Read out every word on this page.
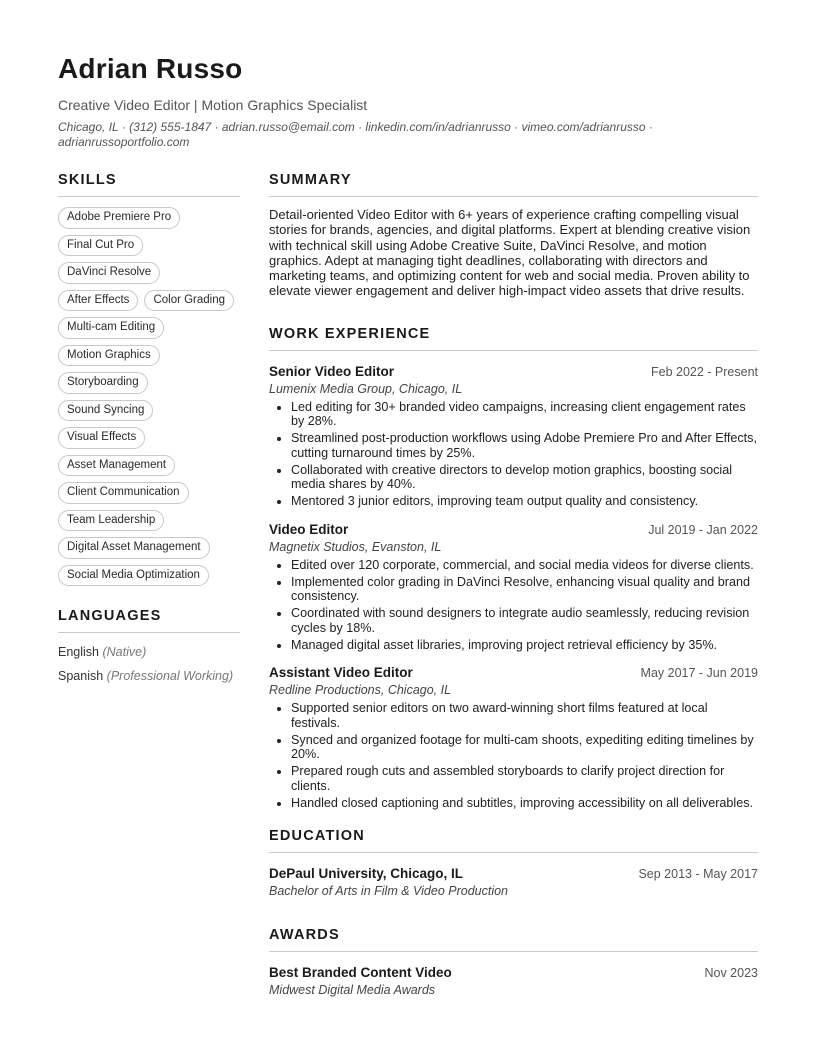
Adrian Russo
Creative Video Editor | Motion Graphics Specialist
Chicago, IL · (312) 555-1847 · adrian.russo@email.com · linkedin.com/in/adrianrusso · vimeo.com/adrianrusso ·
adrianrussoportfolio.com
SKILLS
Adobe Premiere Pro
Final Cut Pro
DaVinci Resolve
After Effects	Color Grading
Multi-cam Editing
Motion Graphics
Storyboarding
Sound Syncing
Visual Effects
Asset Management
Client Communication
Team Leadership
Digital Asset Management
Social Media Optimization
LANGUAGES
English (Native)
Spanish (Professional Working)
SUMMARY
Detail-oriented Video Editor with 6+ years of experience crafting compelling visual stories for brands, agencies, and digital platforms. Expert at blending creative vision with technical skill using Adobe Creative Suite, DaVinci Resolve, and motion graphics. Adept at managing tight deadlines, collaborating with directors and marketing teams, and optimizing content for web and social media. Proven ability to elevate viewer engagement and deliver high-impact video assets that drive results.
WORK EXPERIENCE
Senior Video Editor	Feb 2022 - Present
Lumenix Media Group, Chicago, IL
• Led editing for 30+ branded video campaigns, increasing client engagement rates by 28%.
• Streamlined post-production workflows using Adobe Premiere Pro and After Effects, cutting turnaround times by 25%.
• Collaborated with creative directors to develop motion graphics, boosting social media shares by 40%.
• Mentored 3 junior editors, improving team output quality and consistency.
Video Editor	Jul 2019 - Jan 2022
Magnetix Studios, Evanston, IL
• Edited over 120 corporate, commercial, and social media videos for diverse clients.
• Implemented color grading in DaVinci Resolve, enhancing visual quality and brand consistency.
• Coordinated with sound designers to integrate audio seamlessly, reducing revision cycles by 18%.
• Managed digital asset libraries, improving project retrieval efficiency by 35%.
Assistant Video Editor	May 2017 - Jun 2019
Redline Productions, Chicago, IL
• Supported senior editors on two award-winning short films featured at local festivals.
• Synced and organized footage for multi-cam shoots, expediting editing timelines by 20%.
• Prepared rough cuts and assembled storyboards to clarify project direction for clients.
• Handled closed captioning and subtitles, improving accessibility on all deliverables.
EDUCATION
DePaul University, Chicago, IL	Sep 2013 - May 2017
Bachelor of Arts in Film & Video Production
AWARDS
Best Branded Content Video	Nov 2023
Midwest Digital Media Awards
